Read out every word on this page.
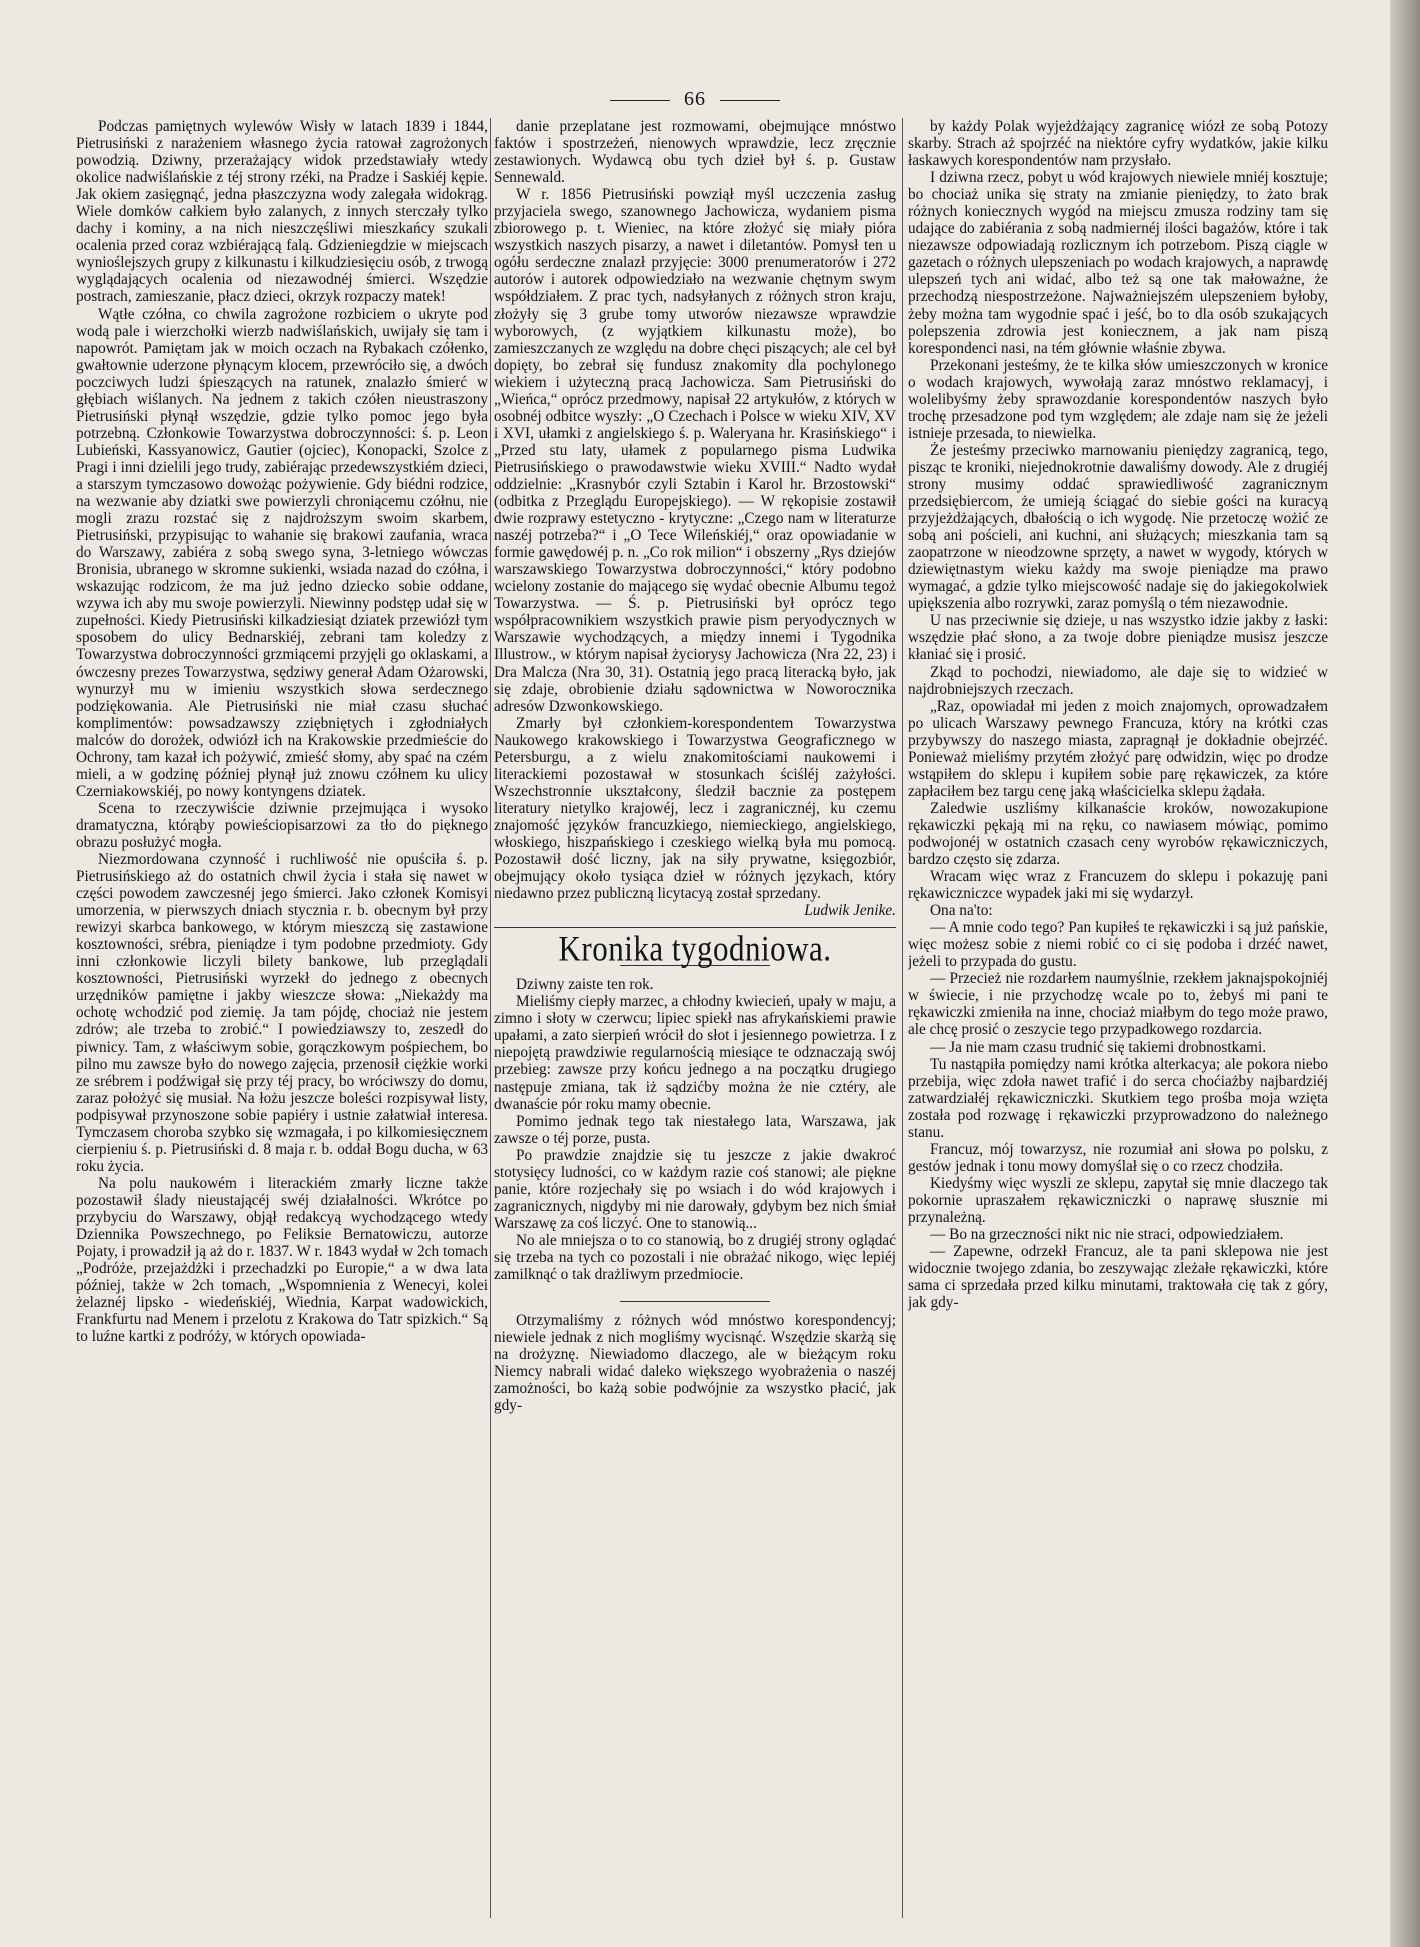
66

Podczas pamiętnych wylewów Wisły w latach 1839 i 1844, Pietrusiński z narażeniem własnego życia ratował zagrożonych powodzią. Dziwny, przerażający widok przedstawiały wtedy okolice nadwiślańskie z téj strony rzéki, na Pradze i Saskiéj kępie. Jak okiem zasięgnąć, jedna płaszczyzna wody zalegała widokrąg. Wiele domków całkiem było zalanych, z innych sterczały tylko dachy i kominy, a na nich nieszczęśliwi mieszkańcy szukali ocalenia przed coraz wzbiérającą falą. Gdzieniegdzie w miejscach wynioślejszych grupy z kilkunastu i kilkudziesięciu osób, z trwogą wyglądających ocalenia od niezawodnéj śmierci. Wszędzie postrach, zamieszanie, płacz dzieci, okrzyk rozpaczy matek!

Wątłe czółna, co chwila zagrożone rozbiciem o ukryte pod wodą pale i wierzchołki wierzb nadwiślańskich, uwijały się tam i napowrót. Pamiętam jak w moich oczach na Rybakach czółenko, gwałtownie uderzone płynącym klocem, przewróciło się, a dwóch poczciwych ludzi śpieszących na ratunek, znalazło śmierć w głębiach wiślanych. Na jednem z takich czółen nieustraszony Pietrusiński płynął wszędzie, gdzie tylko pomoc jego była potrzebną. Członkowie Towarzystwa dobroczynności: ś. p. Leon Lubieński, Kassyanowicz, Gautier (ojciec), Konopacki, Szolce z Pragi i inni dzielili jego trudy, zabiérając przedewszystkiém dzieci, a starszym tymczasowo dowożąc pożywienie. Gdy biédni rodzice, na wezwanie aby dziatki swe powierzyli chroniącemu czółnu, nie mogli zrazu rozstać się z najdroższym swoim skarbem, Pietrusiński, przypisując to wahanie się brakowi zaufania, wraca do Warszawy, zabiéra z sobą swego syna, 3-letniego wówczas Bronisia, ubranego w skromne sukienki, wsiada nazad do czółna, i wskazując rodzicom, że ma już jedno dziecko sobie oddane, wzywa ich aby mu swoje powierzyli. Niewinny podstęp udał się w zupełności. Kiedy Pietrusiński kilkadziesiąt dziatek przewiózł tym sposobem do ulicy Bednarskiéj, zebrani tam koledzy z Towarzystwa dobroczynności grzmiącemi przyjęli go oklaskami, a ówczesny prezes Towarzystwa, sędziwy generał Adam Ożarowski, wynurzył mu w imieniu wszystkich słowa serdecznego podziękowania. Ale Pietrusiński nie miał czasu słuchać komplimentów: powsadzawszy zziębniętych i zgłodniałych malców do dorożek, odwiózł ich na Krakowskie przedmieście do Ochrony, tam kazał ich pożywić, zmieść słomy, aby spać na czém mieli, a w godzinę później płynął już znowu czółnem ku ulicy Czerniakowskiéj, po nowy kontyngens dziatek.

Scena to rzeczywiście dziwnie przejmująca i wysoko dramatyczna, którąby powieściopisarzowi za tło do pięknego obrazu posłużyć mogła.

Niezmordowana czynność i ruchliwość nie opuściła ś. p. Pietrusińskiego aż do ostatnich chwil życia i stała się nawet w części powodem zawczesnéj jego śmierci. Jako członek Komisyi umorzenia, w pierwszych dniach stycznia r. b. obecnym był przy rewizyi skarbca bankowego, w którym mieszczą się zastawione kosztowności, srébra, pieniądze i tym podobne przedmioty. Gdy inni członkowie liczyli bilety bankowe, lub przeglądali kosztowności, Pietrusiński wyrzekł do jednego z obecnych urzędników pamiętne i jakby wieszcze słowa: „Niekażdy ma ochotę wchodzić pod ziemię. Ja tam pójdę, chociaż nie jestem zdrów; ale trzeba to zrobić.“ I powiedziawszy to, zeszedł do piwnicy. Tam, z właściwym sobie, gorączkowym pośpiechem, bo pilno mu zawsze było do nowego zajęcia, przenosił ciężkie worki ze srébrem i podźwigał się przy téj pracy, bo wróciwszy do domu, zaraz położyć się musiał. Na łożu jeszcze boleści rozpisywał listy, podpisywał przynoszone sobie papiéry i ustnie załatwiał interesa. Tymczasem choroba szybko się wzmagała, i po kilkomiesięcznem cierpieniu ś. p. Pietrusiński d. 8 maja r. b. oddał Bogu ducha, w 63 roku życia.

Na polu naukowém i literackiém zmarły liczne także pozostawił ślady nieustającéj swéj działalności. Wkrótce po przybyciu do Warszawy, objął redakcyą wychodzącego wtedy Dziennika Powszechnego, po Feliksie Bernatowiczu, autorze Pojaty, i prowadził ją aż do r. 1837. W r. 1843 wydał w 2ch tomach „Podróże, przejażdżki i przechadzki po Europie,“ a w dwa lata później, także w 2ch tomach, „Wspomnienia z Wenecyi, kolei żelaznéj lipsko - wiedeńskiéj, Wiednia, Karpat wadowickich, Frankfurtu nad Menem i przelotu z Krakowa do Tatr spizkich.“ Są to luźne kartki z podróży, w których opowiada-

danie przeplatane jest rozmowami, obejmujące mnóstwo faktów i spostrzeżeń, nienowych wprawdzie, lecz zręcznie zestawionych. Wydawcą obu tych dzieł był ś. p. Gustaw Sennewald.

W r. 1856 Pietrusiński powziął myśl uczczenia zasług przyjaciela swego, szanownego Jachowicza, wydaniem pisma zbiorowego p. t. Wieniec, na które złożyć się miały pióra wszystkich naszych pisarzy, a nawet i diletantów. Pomysł ten u ogółu serdeczne znalazł przyjęcie: 3000 prenumeratorów i 272 autorów i autorek odpowiedziało na wezwanie chętnym swym współdziałem. Z prac tych, nadsyłanych z różnych stron kraju, złożyły się 3 grube tomy utworów niezawsze wprawdzie wyborowych, (z wyjątkiem kilkunastu może), bo zamieszczanych ze względu na dobre chęci piszących; ale cel był dopięty, bo zebrał się fundusz znakomity dla pochylonego wiekiem i użyteczną pracą Jachowicza. Sam Pietrusiński do „Wieńca,“ oprócz przedmowy, napisał 22 artykułów, z których w osobnéj odbitce wyszły: „O Czechach i Polsce w wieku XIV, XV i XVI, ułamki z angielskiego ś. p. Waleryana hr. Krasińskiego“ i „Przed stu laty, ułamek z popularnego pisma Ludwika Pietrusińskiego o prawodawstwie wieku XVIII.“ Nadto wydał oddzielnie: „Krasnybór czyli Sztabin i Karol hr. Brzostowski“ (odbitka z Przeglądu Europejskiego). — W rękopisie zostawił dwie rozprawy estetyczno - krytyczne: „Czego nam w literaturze naszéj potrzeba?“ i „O Tece Wileńskiéj,“ oraz opowiadanie w formie gawędowéj p. n. „Co rok milion“ i obszerny „Rys dziejów warszawskiego Towarzystwa dobroczynności,“ który podobno wcielony zostanie do mającego się wydać obecnie Albumu tegoż Towarzystwa. — Ś. p. Pietrusiński był oprócz tego współpracownikiem wszystkich prawie pism peryodycznych w Warszawie wychodzących, a między innemi i Tygodnika Illustrow., w którym napisał życiorysy Jachowicza (Nra 22, 23) i Dra Malcza (Nra 30, 31). Ostatnią jego pracą literacką było, jak się zdaje, obrobienie działu sądownictwa w Noworocznika adresów Dzwonkowskiego.

Zmarły był członkiem-korespondentem Towarzystwa Naukowego krakowskiego i Towarzystwa Geograficznego w Petersburgu, a z wielu znakomitościami naukowemi i literackiemi pozostawał w stosunkach ściśléj zażyłości. Wszechstronnie ukształcony, śledził bacznie za postępem literatury nietylko krajowéj, lecz i zagranicznéj, ku czemu znajomość języków francuzkiego, niemieckiego, angielskiego, włoskiego, hiszpańskiego i czeskiego wielką była mu pomocą. Pozostawił dość liczny, jak na siły prywatne, księgozbiór, obejmujący około tysiąca dzieł w różnych językach, który niedawno przez publiczną licytacyą został sprzedany.

Ludwik Jenike.
Kronika tygodniowa.

Dziwny zaiste ten rok.

Mieliśmy ciepły marzec, a chłodny kwiecień, upały w maju, a zimno i słoty w czerwcu; lipiec spiekł nas afrykańskiemi prawie upałami, a zato sierpień wrócił do słot i jesiennego powietrza. I z niepojętą prawdziwie regularnością miesiące te odznaczają swój przebieg: zawsze przy końcu jednego a na początku drugiego następuje zmiana, tak iż sądzićby można że nie cztéry, ale dwanaście pór roku mamy obecnie.

Pomimo jednak tego tak niestałego lata, Warszawa, jak zawsze o téj porze, pusta.

Po prawdzie znajdzie się tu jeszcze z jakie dwakroć stotysięcy ludności, co w każdym razie coś stanowi; ale piękne panie, które rozjechały się po wsiach i do wód krajowych i zagranicznych, nigdyby mi nie darowały, gdybym bez nich śmiał Warszawę za coś liczyć. One to stanowią...

No ale mniejsza o to co stanowią, bo z drugiéj strony oglądać się trzeba na tych co pozostali i nie obrażać nikogo, więc lepiéj zamilknąć o tak drażliwym przedmiocie.

Otrzymaliśmy z różnych wód mnóstwo korespondencyj; niewiele jednak z nich mogliśmy wycisnąć. Wszędzie skarżą się na drożyznę. Niewiadomo dlaczego, ale w bieżącym roku Niemcy nabrali widać daleko większego wyobrażenia o naszéj zamożności, bo każą sobie podwójnie za wszystko płacić, jak gdy-

by każdy Polak wyjeżdżający zagranicę wiózł ze sobą Potozy skarby. Strach aż spojrzéć na niektóre cyfry wydatków, jakie kilku łaskawych korespondentów nam przysłało.

I dziwna rzecz, pobyt u wód krajowych niewiele mniéj kosztuje; bo chociaż unika się straty na zmianie pieniędzy, to żato brak różnych koniecznych wygód na miejscu zmusza rodziny tam się udające do zabiérania z sobą nadmiernéj ilości bagażów, które i tak niezawsze odpowiadają rozlicznym ich potrzebom. Piszą ciągle w gazetach o różnych ulepszeniach po wodach krajowych, a naprawdę ulepszeń tych ani widać, albo też są one tak małoważne, że przechodzą niespostrzeżone. Najważniejszém ulepszeniem byłoby, żeby można tam wygodnie spać i jeść, bo to dla osób szukających polepszenia zdrowia jest koniecznem, a jak nam piszą korespondenci nasi, na tém głównie właśnie zbywa.

Przekonani jesteśmy, że te kilka słów umieszczonych w kronice o wodach krajowych, wywołają zaraz mnóstwo reklamacyj, i wolelibyśmy żeby sprawozdanie korespondentów naszych było trochę przesadzone pod tym względem; ale zdaje nam się że jeżeli istnieje przesada, to niewielka.

Że jesteśmy przeciwko marnowaniu pieniędzy zagranicą, tego, pisząc te kroniki, niejednokrotnie dawaliśmy dowody. Ale z drugiéj strony musimy oddać sprawiedliwość zagranicznym przedsiębiercom, że umieją ściągać do siebie gości na kuracyą przyjeżdżających, dbałością o ich wygodę. Nie przetoczę wożić ze sobą ani pościeli, ani kuchni, ani służących; mieszkania tam są zaopatrzone w nieodzowne sprzęty, a nawet w wygody, których w dziewiętnastym wieku każdy ma swoje pieniądze ma prawo wymagać, a gdzie tylko miejscowość nadaje się do jakiegokolwiek upiększenia albo rozrywki, zaraz pomyślą o tém niezawodnie.

U nas przeciwnie się dzieje, u nas wszystko idzie jakby z łaski: wszędzie płać słono, a za twoje dobre pieniądze musisz jeszcze kłaniać się i prosić.

Zkąd to pochodzi, niewiadomo, ale daje się to widzieć w najdrobniejszych rzeczach.

„Raz, opowiadał mi jeden z moich znajomych, oprowadzałem po ulicach Warszawy pewnego Francuza, który na krótki czas przybywszy do naszego miasta, zapragnął je dokładnie obejrzéć. Ponieważ mieliśmy przytém złożyć parę odwidzin, więc po drodze wstąpiłem do sklepu i kupiłem sobie parę rękawiczek, za które zapłaciłem bez targu cenę jaką właścicielka sklepu żądała.

Zaledwie uszliśmy kilkanaście kroków, nowozakupione rękawiczki pękają mi na ręku, co nawiasem mówiąc, pomimo podwojonéj w ostatnich czasach ceny wyrobów rękawiczniczych, bardzo często się zdarza.

Wracam więc wraz z Francuzem do sklepu i pokazuję pani rękawiczniczce wypadek jaki mi się wydarzył.

Ona na'to:

— A mnie codo tego? Pan kupiłeś te rękawiczki i są już pańskie, więc możesz sobie z niemi robić co ci się podoba i drzéć nawet, jeżeli to przypada do gustu.

— Przecież nie rozdarłem naumyślnie, rzekłem jaknajspokojniéj w świecie, i nie przychodzę wcale po to, żebyś mi pani te rękawiczki zmieniła na inne, chociaż miałbym do tego może prawo, ale chcę prosić o zeszycie tego przypadkowego rozdarcia.

— Ja nie mam czasu trudnić się takiemi drobnostkami.

Tu nastąpiła pomiędzy nami krótka alterkacya; ale pokora niebo przebija, więc zdoła nawet trafić i do serca choćiażby najbardziéj zatwardziałéj rękawiczniczki. Skutkiem tego prośba moja wzięta została pod rozwagę i rękawiczki przyprowadzono do należnego stanu.

Francuz, mój towarzysz, nie rozumiał ani słowa po polsku, z gestów jednak i tonu mowy domyślał się o co rzecz chodziła.

Kiedyśmy więc wyszli ze sklepu, zapytał się mnie dlaczego tak pokornie upraszałem rękawiczniczki o naprawę słusznie mi przynależną.

— Bo na grzeczności nikt nic nie straci, odpowiedziałem.

— Zapewne, odrzekł Francuz, ale ta pani sklepowa nie jest widocznie twojego zdania, bo zeszywając zleżałe rękawiczki, które sama ci sprzedała przed kilku minutami, traktowała cię tak z góry, jak gdy-
